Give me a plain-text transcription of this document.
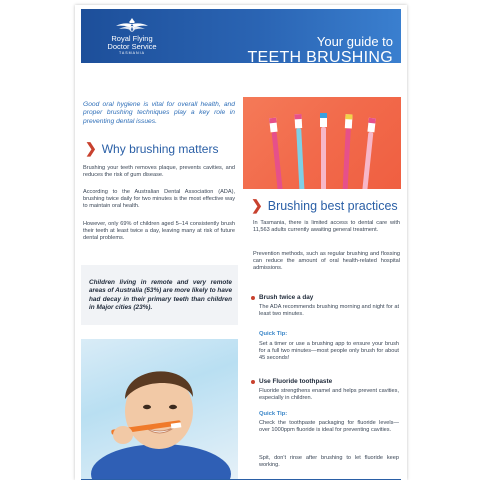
Royal Flying
Doctor Service
TASMANIA
Your guide to
TEETH BRUSHING
for dental health
Good oral hygiene is vital for overall health, and proper brushing techniques play a key role in preventing dental issues.
❯ Why brushing matters
Brushing your teeth removes plaque, prevents cavities, and reduces the risk of gum disease.
According to the Australian Dental Association (ADA), brushing twice daily for two minutes is the most effective way to maintain oral health.
However, only 69% of children aged 5–14 consistently brush their teeth at least twice a day, leaving many at risk of future dental problems.
Children living in remote and very remote areas of Australia (53%) are more likely to have had decay in their primary teeth than children in Major cities (23%).
❯ Brushing best practices
In Tasmania, there is limited access to dental care with 11,563 adults currently awaiting general treatment.
Prevention methods, such as regular brushing and flossing can reduce the amount of oral health-related hospital admissions.
Brush twice a day
The ADA recommends brushing morning and night for at least two minutes.
Quick Tip:
Set a timer or use a brushing app to ensure your brush for a full two minutes—most people only brush for about 45 seconds!
Use Fluoride toothpaste
Fluoride strengthens enamel and helps prevent cavities, especially in children.
Quick Tip:
Check the toothpaste packaging for fluoride levels—over 1000ppm fluoride is ideal for preventing cavities.
Spit, don't rinse after brushing to let fluoride keep working.
